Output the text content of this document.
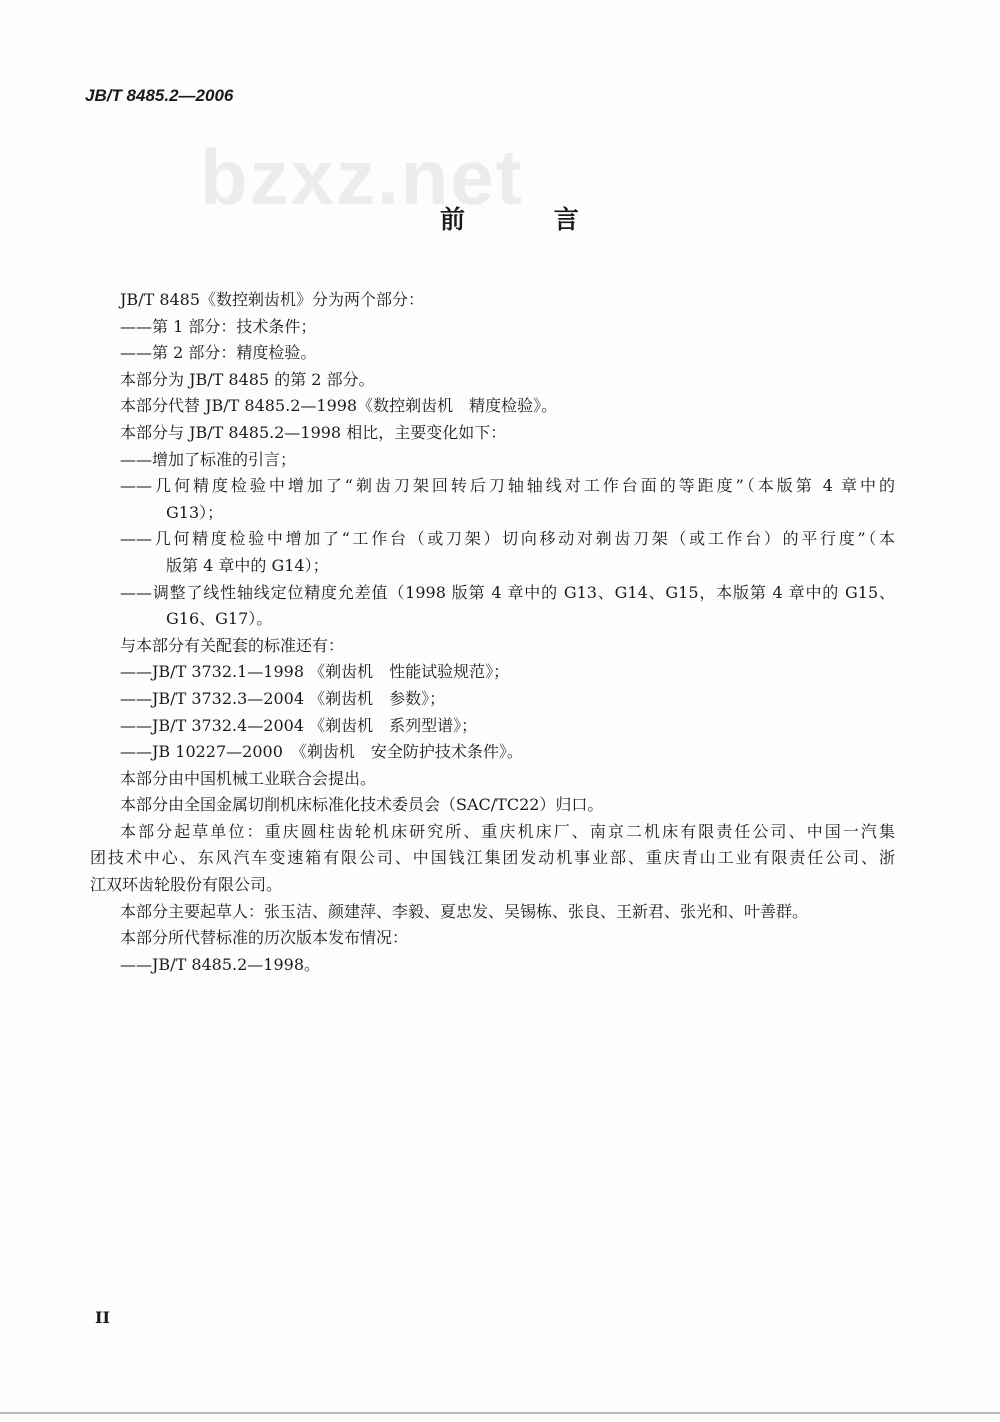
JB/T 8485.2—2006
bzxz.net
前 言
JB/T 8485《数控剃齿机》分为两个部分：
——第 1 部分：技术条件；
——第 2 部分：精度检验。
本部分为 JB/T 8485 的第 2 部分。
本部分代替 JB/T 8485.2—1998《数控剃齿机　精度检验》。
本部分与 JB/T 8485.2—1998 相比，主要变化如下：
——增加了标准的引言；
——几何精度检验中增加了“剃齿刀架回转后刀轴轴线对工作台面的等距度”（本版第 4 章中的
G13）；
——几何精度检验中增加了“工作台（或刀架）切向移动对剃齿刀架（或工作台）的平行度”（本
版第 4 章中的 G14）；
——调整了线性轴线定位精度允差值（1998 版第 4 章中的 G13、G14、G15，本版第 4 章中的 G15、
G16、G17）。
与本部分有关配套的标准还有：
——JB/T 3732.1—1998 《剃齿机　性能试验规范》；
——JB/T 3732.3—2004 《剃齿机　参数》；
——JB/T 3732.4—2004 《剃齿机　系列型谱》；
——JB 10227—2000　《剃齿机　安全防护技术条件》。
本部分由中国机械工业联合会提出。
本部分由全国金属切削机床标准化技术委员会（SAC/TC22）归口。
本部分起草单位：重庆圆柱齿轮机床研究所、重庆机床厂、南京二机床有限责任公司、中国一汽集
团技术中心、东风汽车变速箱有限公司、中国钱江集团发动机事业部、重庆青山工业有限责任公司、浙
江双环齿轮股份有限公司。
本部分主要起草人：张玉洁、颜建萍、李毅、夏忠发、吴锡栋、张良、王新君、张光和、叶善群。
本部分所代替标准的历次版本发布情况：
——JB/T 8485.2—1998。
II
